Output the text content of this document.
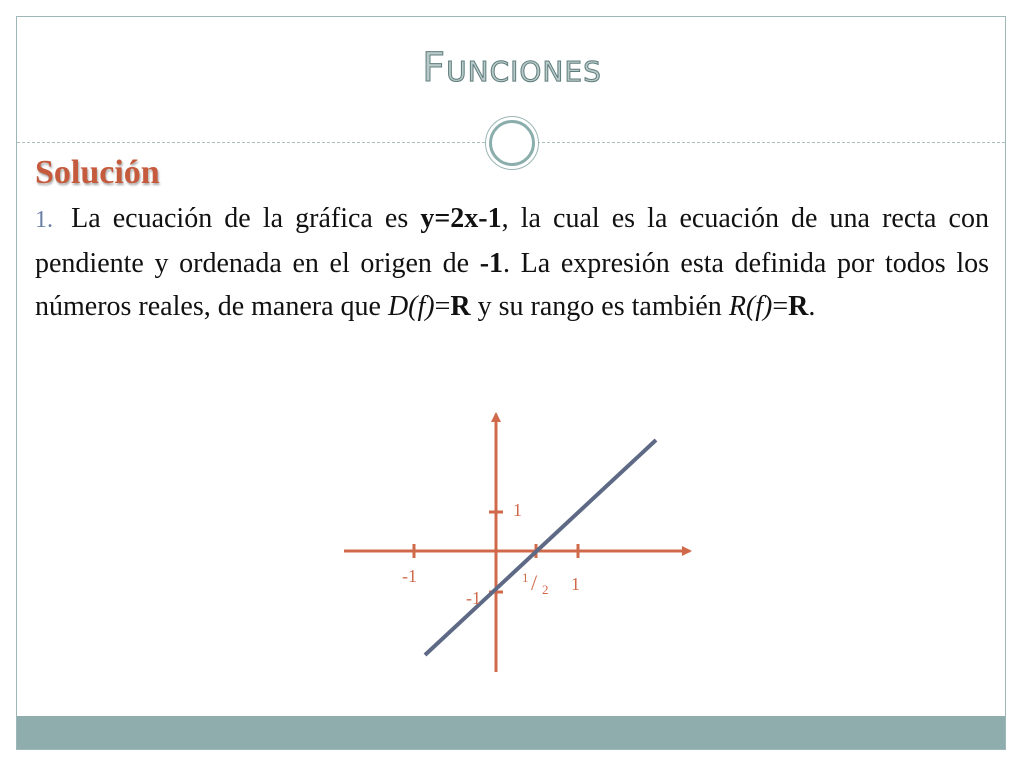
Funciones
Solución
1. La ecuación de la gráfica es y=2x-1, la cual es la ecuación de una recta con pendiente y ordenada en el origen de -1. La expresión esta definida por todos los números reales, de manera que D(f)=R y su rango es también R(f)=R.
1
-1	1
-1
1 / 2
